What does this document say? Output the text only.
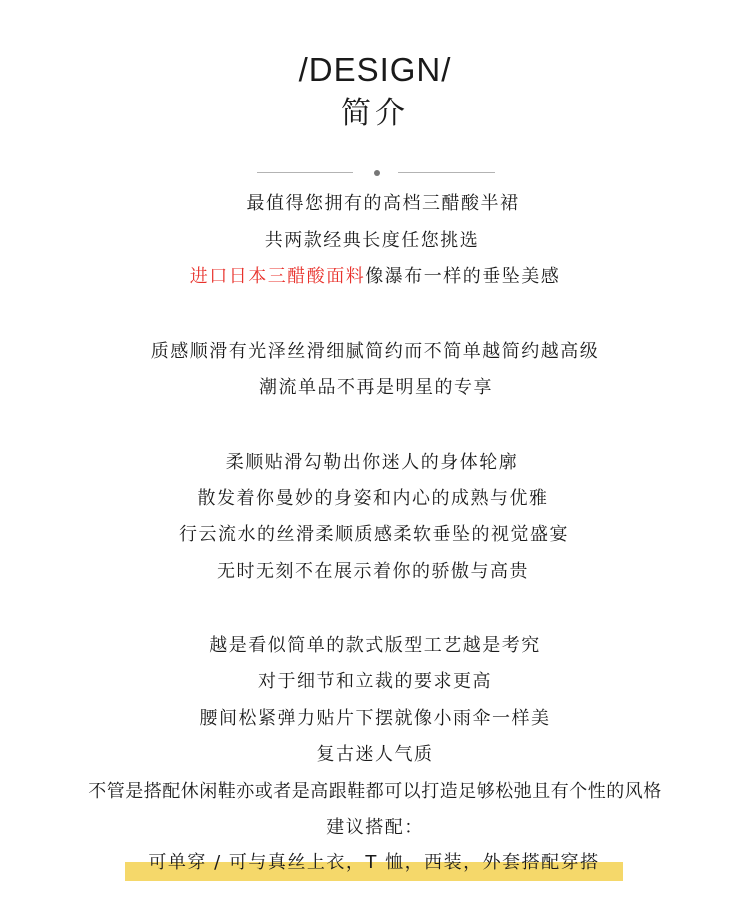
/DESIGN/
简介
最值得您拥有的高档三醋酸半裙
共两款经典长度任您挑选
进口日本三醋酸面料像瀑布一样的垂坠美感
质感顺滑有光泽丝滑细腻简约而不简单越简约越高级
潮流单品不再是明星的专享
柔顺贴滑勾勒出你迷人的身体轮廓
散发着你曼妙的身姿和内心的成熟与优雅
行云流水的丝滑柔顺质感柔软垂坠的视觉盛宴
无时无刻不在展示着你的骄傲与高贵
越是看似简单的款式版型工艺越是考究
对于细节和立裁的要求更高
腰间松紧弹力贴片下摆就像小雨伞一样美
复古迷人气质
不管是搭配休闲鞋亦或者是高跟鞋都可以打造足够松弛且有个性的风格
建议搭配：
可单穿 / 可与真丝上衣，T 恤，西装，外套搭配穿搭
